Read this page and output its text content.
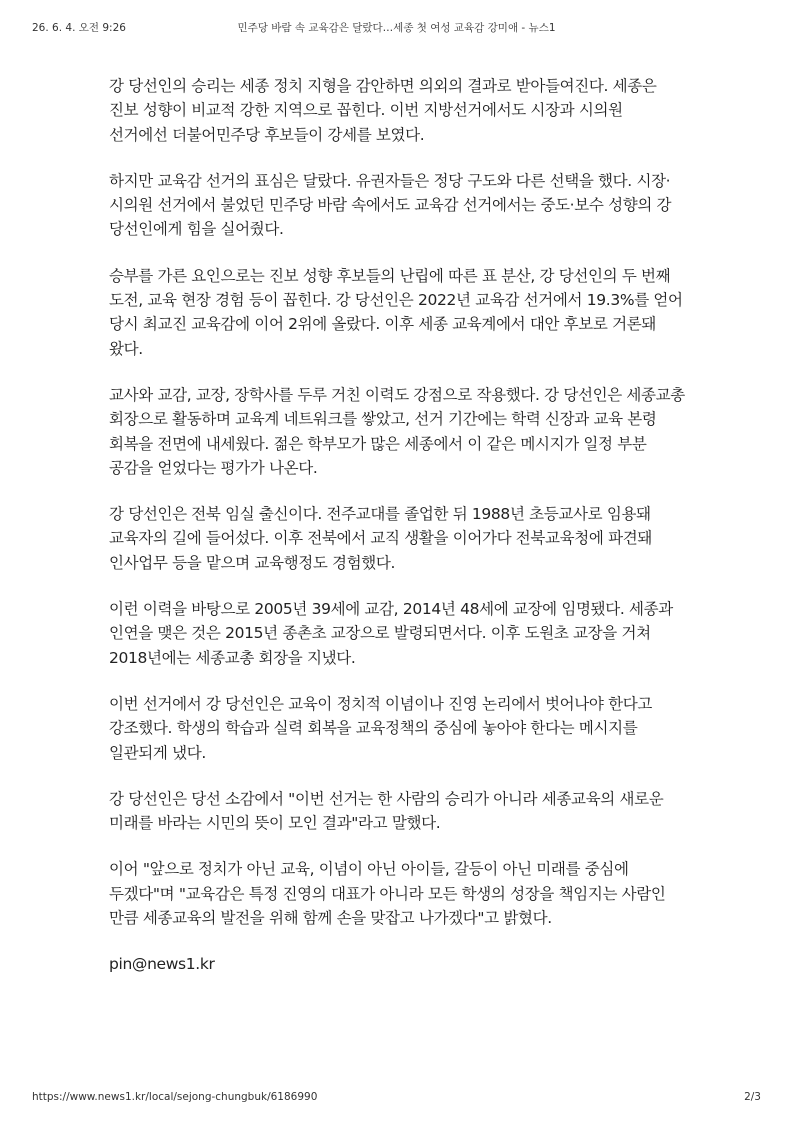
26. 6. 4. 오전 9:26	민주당 바람 속 교육감은 달랐다…세종 첫 여성 교육감 강미애 - 뉴스1

강 당선인의 승리는 세종 정치 지형을 감안하면 의외의 결과로 받아들여진다. 세종은 진보 성향이 비교적 강한 지역으로 꼽힌다. 이번 지방선거에서도 시장과 시의원 선거에선 더불어민주당 후보들이 강세를 보였다.

하지만 교육감 선거의 표심은 달랐다. 유권자들은 정당 구도와 다른 선택을 했다. 시장·시의원 선거에서 불었던 민주당 바람 속에서도 교육감 선거에서는 중도·보수 성향의 강 당선인에게 힘을 실어줬다.

승부를 가른 요인으로는 진보 성향 후보들의 난립에 따른 표 분산, 강 당선인의 두 번째 도전, 교육 현장 경험 등이 꼽힌다. 강 당선인은 2022년 교육감 선거에서 19.3%를 얻어 당시 최교진 교육감에 이어 2위에 올랐다. 이후 세종 교육계에서 대안 후보로 거론돼 왔다.

교사와 교감, 교장, 장학사를 두루 거친 이력도 강점으로 작용했다. 강 당선인은 세종교총 회장으로 활동하며 교육계 네트워크를 쌓았고, 선거 기간에는 학력 신장과 교육 본령 회복을 전면에 내세웠다. 젊은 학부모가 많은 세종에서 이 같은 메시지가 일정 부분 공감을 얻었다는 평가가 나온다.

강 당선인은 전북 임실 출신이다. 전주교대를 졸업한 뒤 1988년 초등교사로 임용돼 교육자의 길에 들어섰다. 이후 전북에서 교직 생활을 이어가다 전북교육청에 파견돼 인사업무 등을 맡으며 교육행정도 경험했다.

이런 이력을 바탕으로 2005년 39세에 교감, 2014년 48세에 교장에 임명됐다. 세종과 인연을 맺은 것은 2015년 종촌초 교장으로 발령되면서다. 이후 도원초 교장을 거쳐 2018년에는 세종교총 회장을 지냈다.

이번 선거에서 강 당선인은 교육이 정치적 이념이나 진영 논리에서 벗어나야 한다고 강조했다. 학생의 학습과 실력 회복을 교육정책의 중심에 놓아야 한다는 메시지를 일관되게 냈다.

강 당선인은 당선 소감에서 "이번 선거는 한 사람의 승리가 아니라 세종교육의 새로운 미래를 바라는 시민의 뜻이 모인 결과"라고 말했다.

이어 "앞으로 정치가 아닌 교육, 이념이 아닌 아이들, 갈등이 아닌 미래를 중심에 두겠다"며 "교육감은 특정 진영의 대표가 아니라 모든 학생의 성장을 책임지는 사람인 만큼 세종교육의 발전을 위해 함께 손을 맞잡고 나가겠다"고 밝혔다.

pin@news1.kr

https://www.news1.kr/local/sejong-chungbuk/6186990	2/3
